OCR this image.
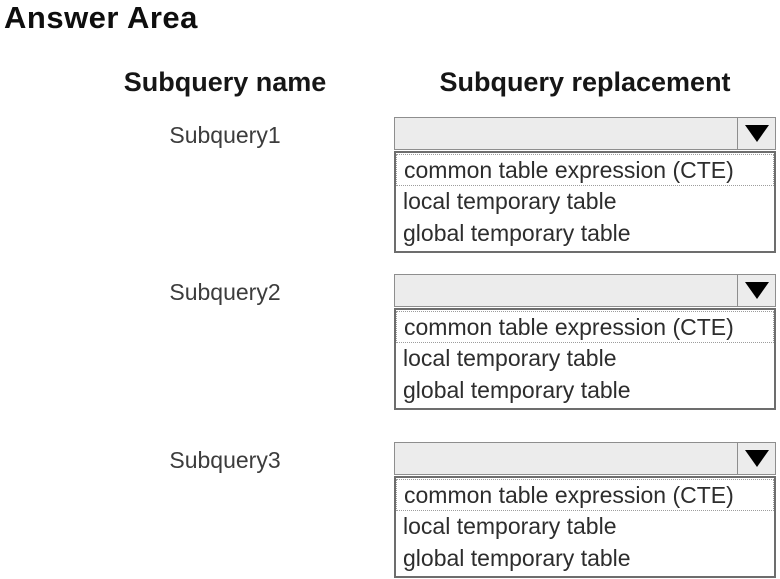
Answer Area
Subquery name	Subquery replacement
Subquery1
common table expression (CTE)
local temporary table
global temporary table
Subquery2
common table expression (CTE)
local temporary table
global temporary table
Subquery3
common table expression (CTE)
local temporary table
global temporary table
